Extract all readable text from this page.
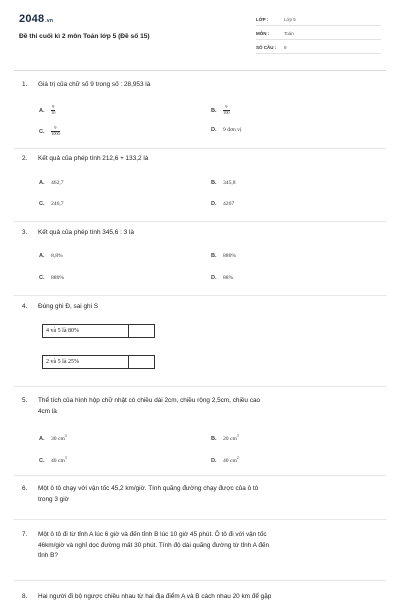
2048.vn
Đề thi cuối kì 2 môn Toán lớp 5 (Đề số 15)
LỚP :	Lớp 5
MÔN :	Toán
SỐ CÂU : 9
1. Giá trị của chữ số 9 trong số : 28,953 là
A. $\frac{9}{10}$	B. $\frac{9}{100}$
C. $\frac{9}{1000}$	D. 9 đơn vị
2. Kết quả của phép tính 212,6 + 133,2 là
A. 462,7	B. 345,8
C. 246,7	D. 4267
3. Kết quả của phép tính 345,6 : 3 là
A. 8,8%	B. 880%
C. 880%	D. 88%
4. Đúng ghi Đ, sai ghi S
4 và 5 là 80%	
2 và 5 là 25%	
5. Thể tích của hình hộp chữ nhật có chiều dài 2cm, chiều rộng 2,5cm, chiều cao
4cm là
A. 30 $cm^3$	B. 20 $cm^3$
C. 40 $cm^3$	D. 40 $cm^2$
6. Một ô tô chạy với vận tốc 45,2 km/giờ. Tính quãng đường chạy được của ô tô
trong 3 giờ
7. Một ô tô đi từ tỉnh A lúc 6 giờ và đến tỉnh B lúc 10 giờ 45 phút. Ô tô đi với vận tốc
46km/giờ và nghỉ dọc đường mất 30 phút. Tính độ dài quãng đường từ tỉnh A đến
tỉnh B?
8. Hai người đi bộ ngược chiều nhau từ hai địa điểm A và B cách nhau 20 km để gặp
